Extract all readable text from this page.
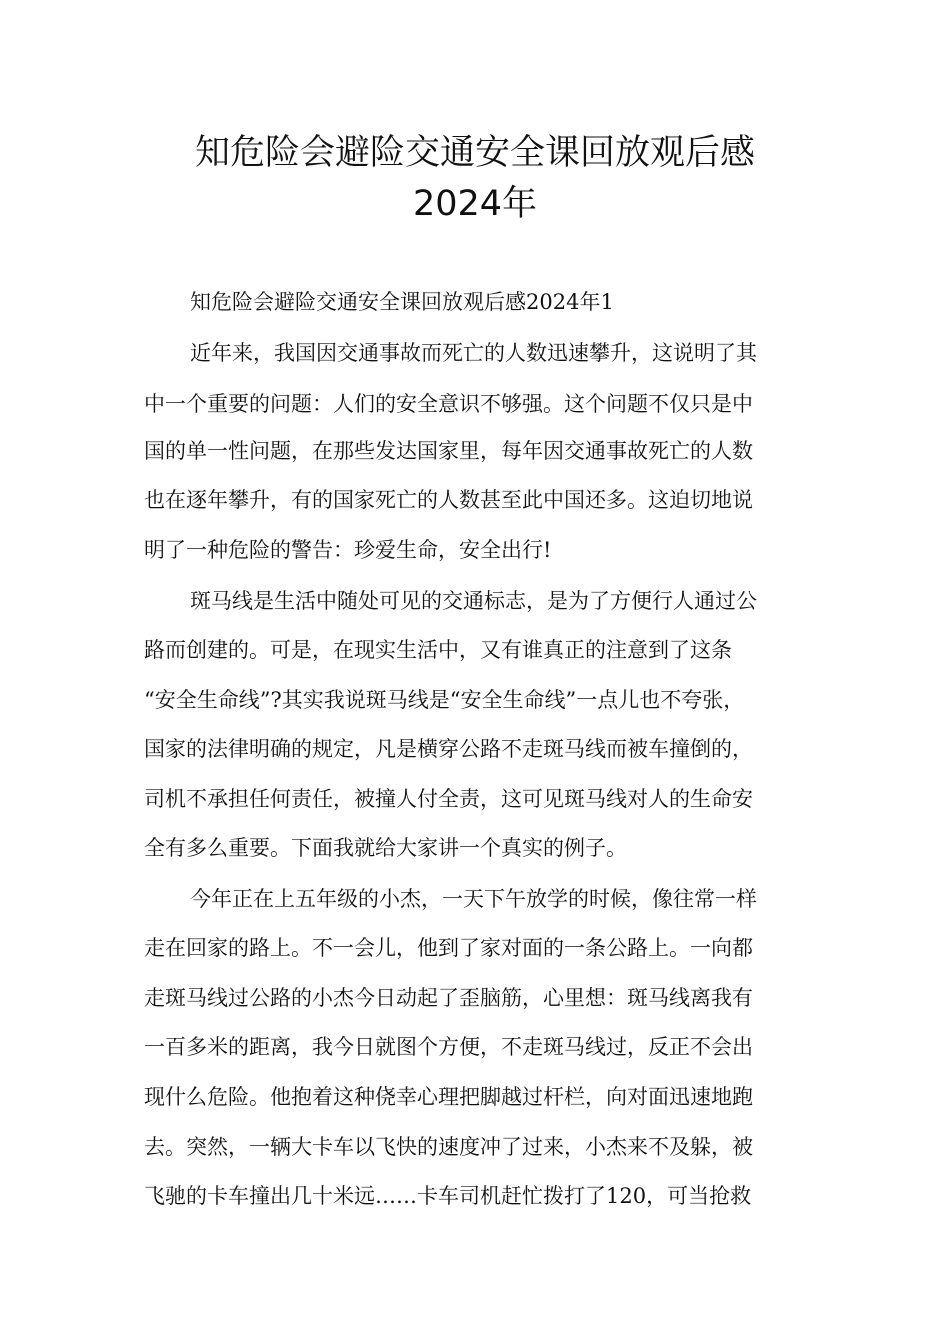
知危险会避险交通安全课回放观后感
2024年
知危险会避险交通安全课回放观后感2024年1
近年来，我国因交通事故而死亡的人数迅速攀升，这说明了其
中一个重要的问题：人们的安全意识不够强。这个问题不仅只是中
国的单一性问题，在那些发达国家里，每年因交通事故死亡的人数
也在逐年攀升，有的国家死亡的人数甚至此中国还多。这迫切地说
明了一种危险的警告：珍爱生命，安全出行!
斑马线是生活中随处可见的交通标志，是为了方便行人通过公
路而创建的。可是，在现实生活中，又有谁真正的注意到了这条
“安全生命线”?其实我说斑马线是“安全生命线”一点儿也不夸张，
国家的法律明确的规定，凡是横穿公路不走斑马线而被车撞倒的，
司机不承担任何责任，被撞人付全责，这可见斑马线对人的生命安
全有多么重要。下面我就给大家讲一个真实的例子。
今年正在上五年级的小杰，一天下午放学的时候，像往常一样
走在回家的路上。不一会儿，他到了家对面的一条公路上。一向都
走斑马线过公路的小杰今日动起了歪脑筋，心里想：斑马线离我有
一百多米的距离，我今日就图个方便，不走斑马线过，反正不会出
现什么危险。他抱着这种侥幸心理把脚越过杆栏，向对面迅速地跑
去。突然，一辆大卡车以飞快的速度冲了过来，小杰来不及躲，被
飞驰的卡车撞出几十米远……卡车司机赶忙拨打了120，可当抢救
